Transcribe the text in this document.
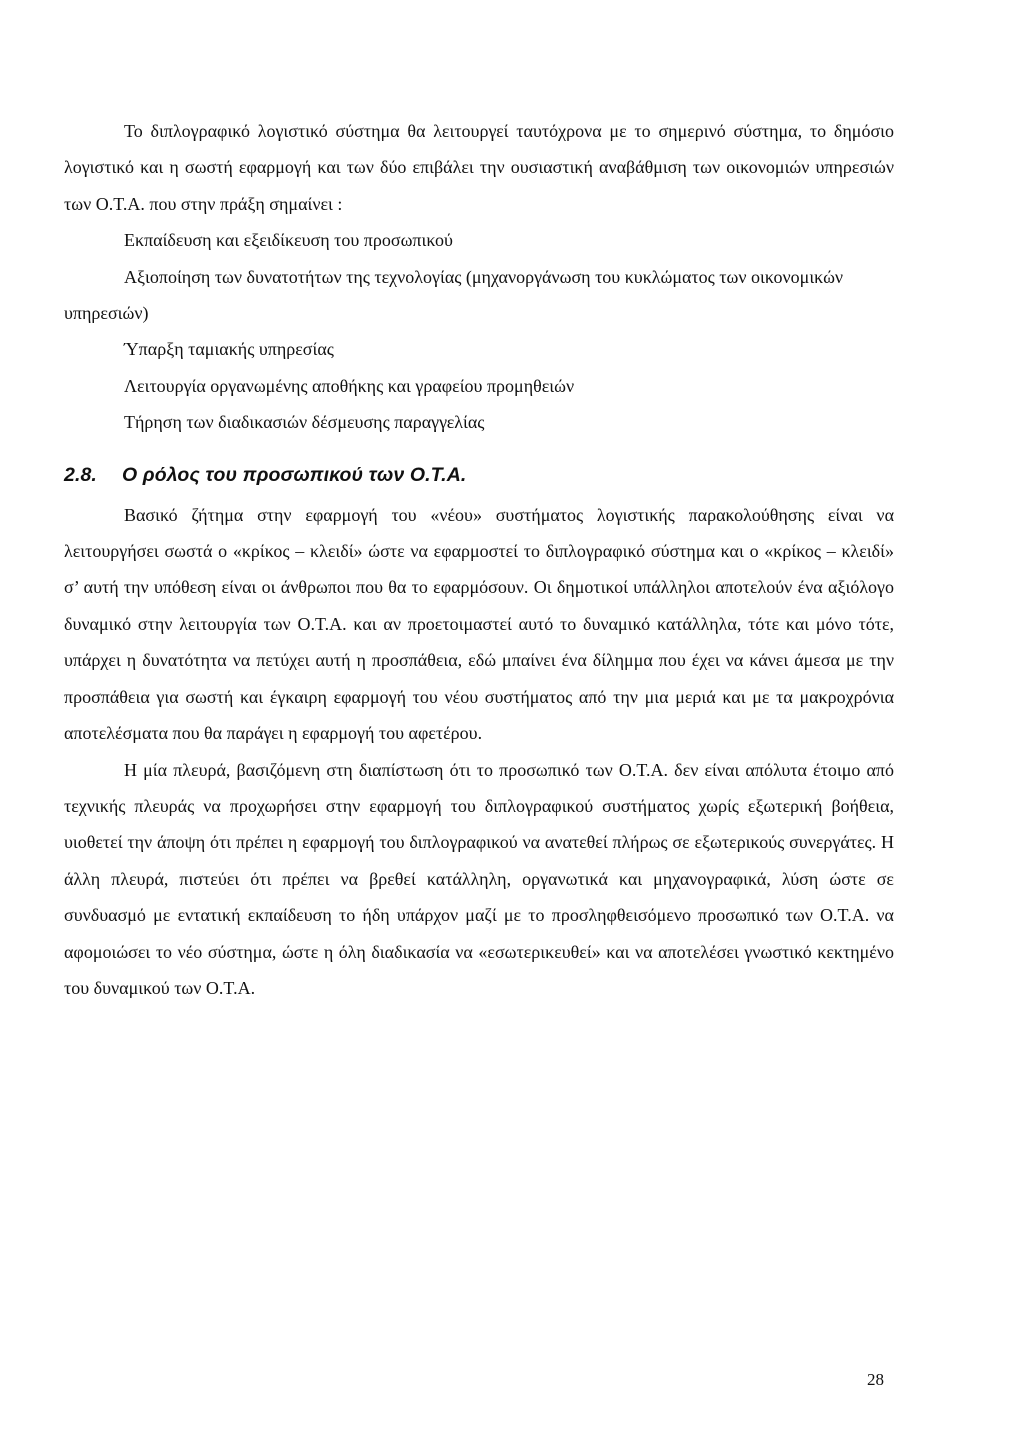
Το διπλογραφικό λογιστικό σύστημα θα λειτουργεί ταυτόχρονα με το σημερινό σύστημα, το δημόσιο λογιστικό και η σωστή εφαρμογή και των δύο επιβάλει την ουσιαστική αναβάθμιση των οικονομιών υπηρεσιών των Ο.Τ.Α. που στην πράξη σημαίνει :

Εκπαίδευση και εξειδίκευση του προσωπικού

Αξιοποίηση των δυνατοτήτων της τεχνολογίας (μηχανοργάνωση του κυκλώματος των οικονομικών υπηρεσιών)

Ύπαρξη ταμιακής υπηρεσίας

Λειτουργία οργανωμένης αποθήκης και γραφείου προμηθειών

Τήρηση των διαδικασιών δέσμευσης παραγγελίας

2.8. Ο ρόλος του προσωπικού των Ο.Τ.Α.

Βασικό ζήτημα στην εφαρμογή του «νέου» συστήματος λογιστικής παρακολούθησης είναι να λειτουργήσει σωστά ο «κρίκος – κλειδί» ώστε να εφαρμοστεί το διπλογραφικό σύστημα και ο «κρίκος – κλειδί» σ’ αυτή την υπόθεση είναι οι άνθρωποι που θα το εφαρμόσουν. Οι δημοτικοί υπάλληλοι αποτελούν ένα αξιόλογο δυναμικό στην λειτουργία των Ο.Τ.Α. και αν προετοιμαστεί αυτό το δυναμικό κατάλληλα, τότε και μόνο τότε, υπάρχει η δυνατότητα να πετύχει αυτή η προσπάθεια, εδώ μπαίνει ένα δίλημμα που έχει να κάνει άμεσα με την προσπάθεια για σωστή και έγκαιρη εφαρμογή του νέου συστήματος από την μια μεριά και με τα μακροχρόνια αποτελέσματα που θα παράγει η εφαρμογή του αφετέρου.

Η μία πλευρά, βασιζόμενη στη διαπίστωση ότι το προσωπικό των Ο.Τ.Α. δεν είναι απόλυτα έτοιμο από τεχνικής πλευράς να προχωρήσει στην εφαρμογή του διπλογραφικού συστήματος χωρίς εξωτερική βοήθεια, υιοθετεί την άποψη ότι πρέπει η εφαρμογή του διπλογραφικού να ανατεθεί πλήρως σε εξωτερικούς συνεργάτες. Η άλλη πλευρά, πιστεύει ότι πρέπει να βρεθεί κατάλληλη, οργανωτικά και μηχανογραφικά, λύση ώστε σε συνδυασμό με εντατική εκπαίδευση το ήδη υπάρχον μαζί με το προσληφθεισόμενο προσωπικό των Ο.Τ.Α. να αφομοιώσει το νέο σύστημα, ώστε η όλη διαδικασία να «εσωτερικευθεί» και να αποτελέσει γνωστικό κεκτημένο του δυναμικού των Ο.Τ.Α.

28
